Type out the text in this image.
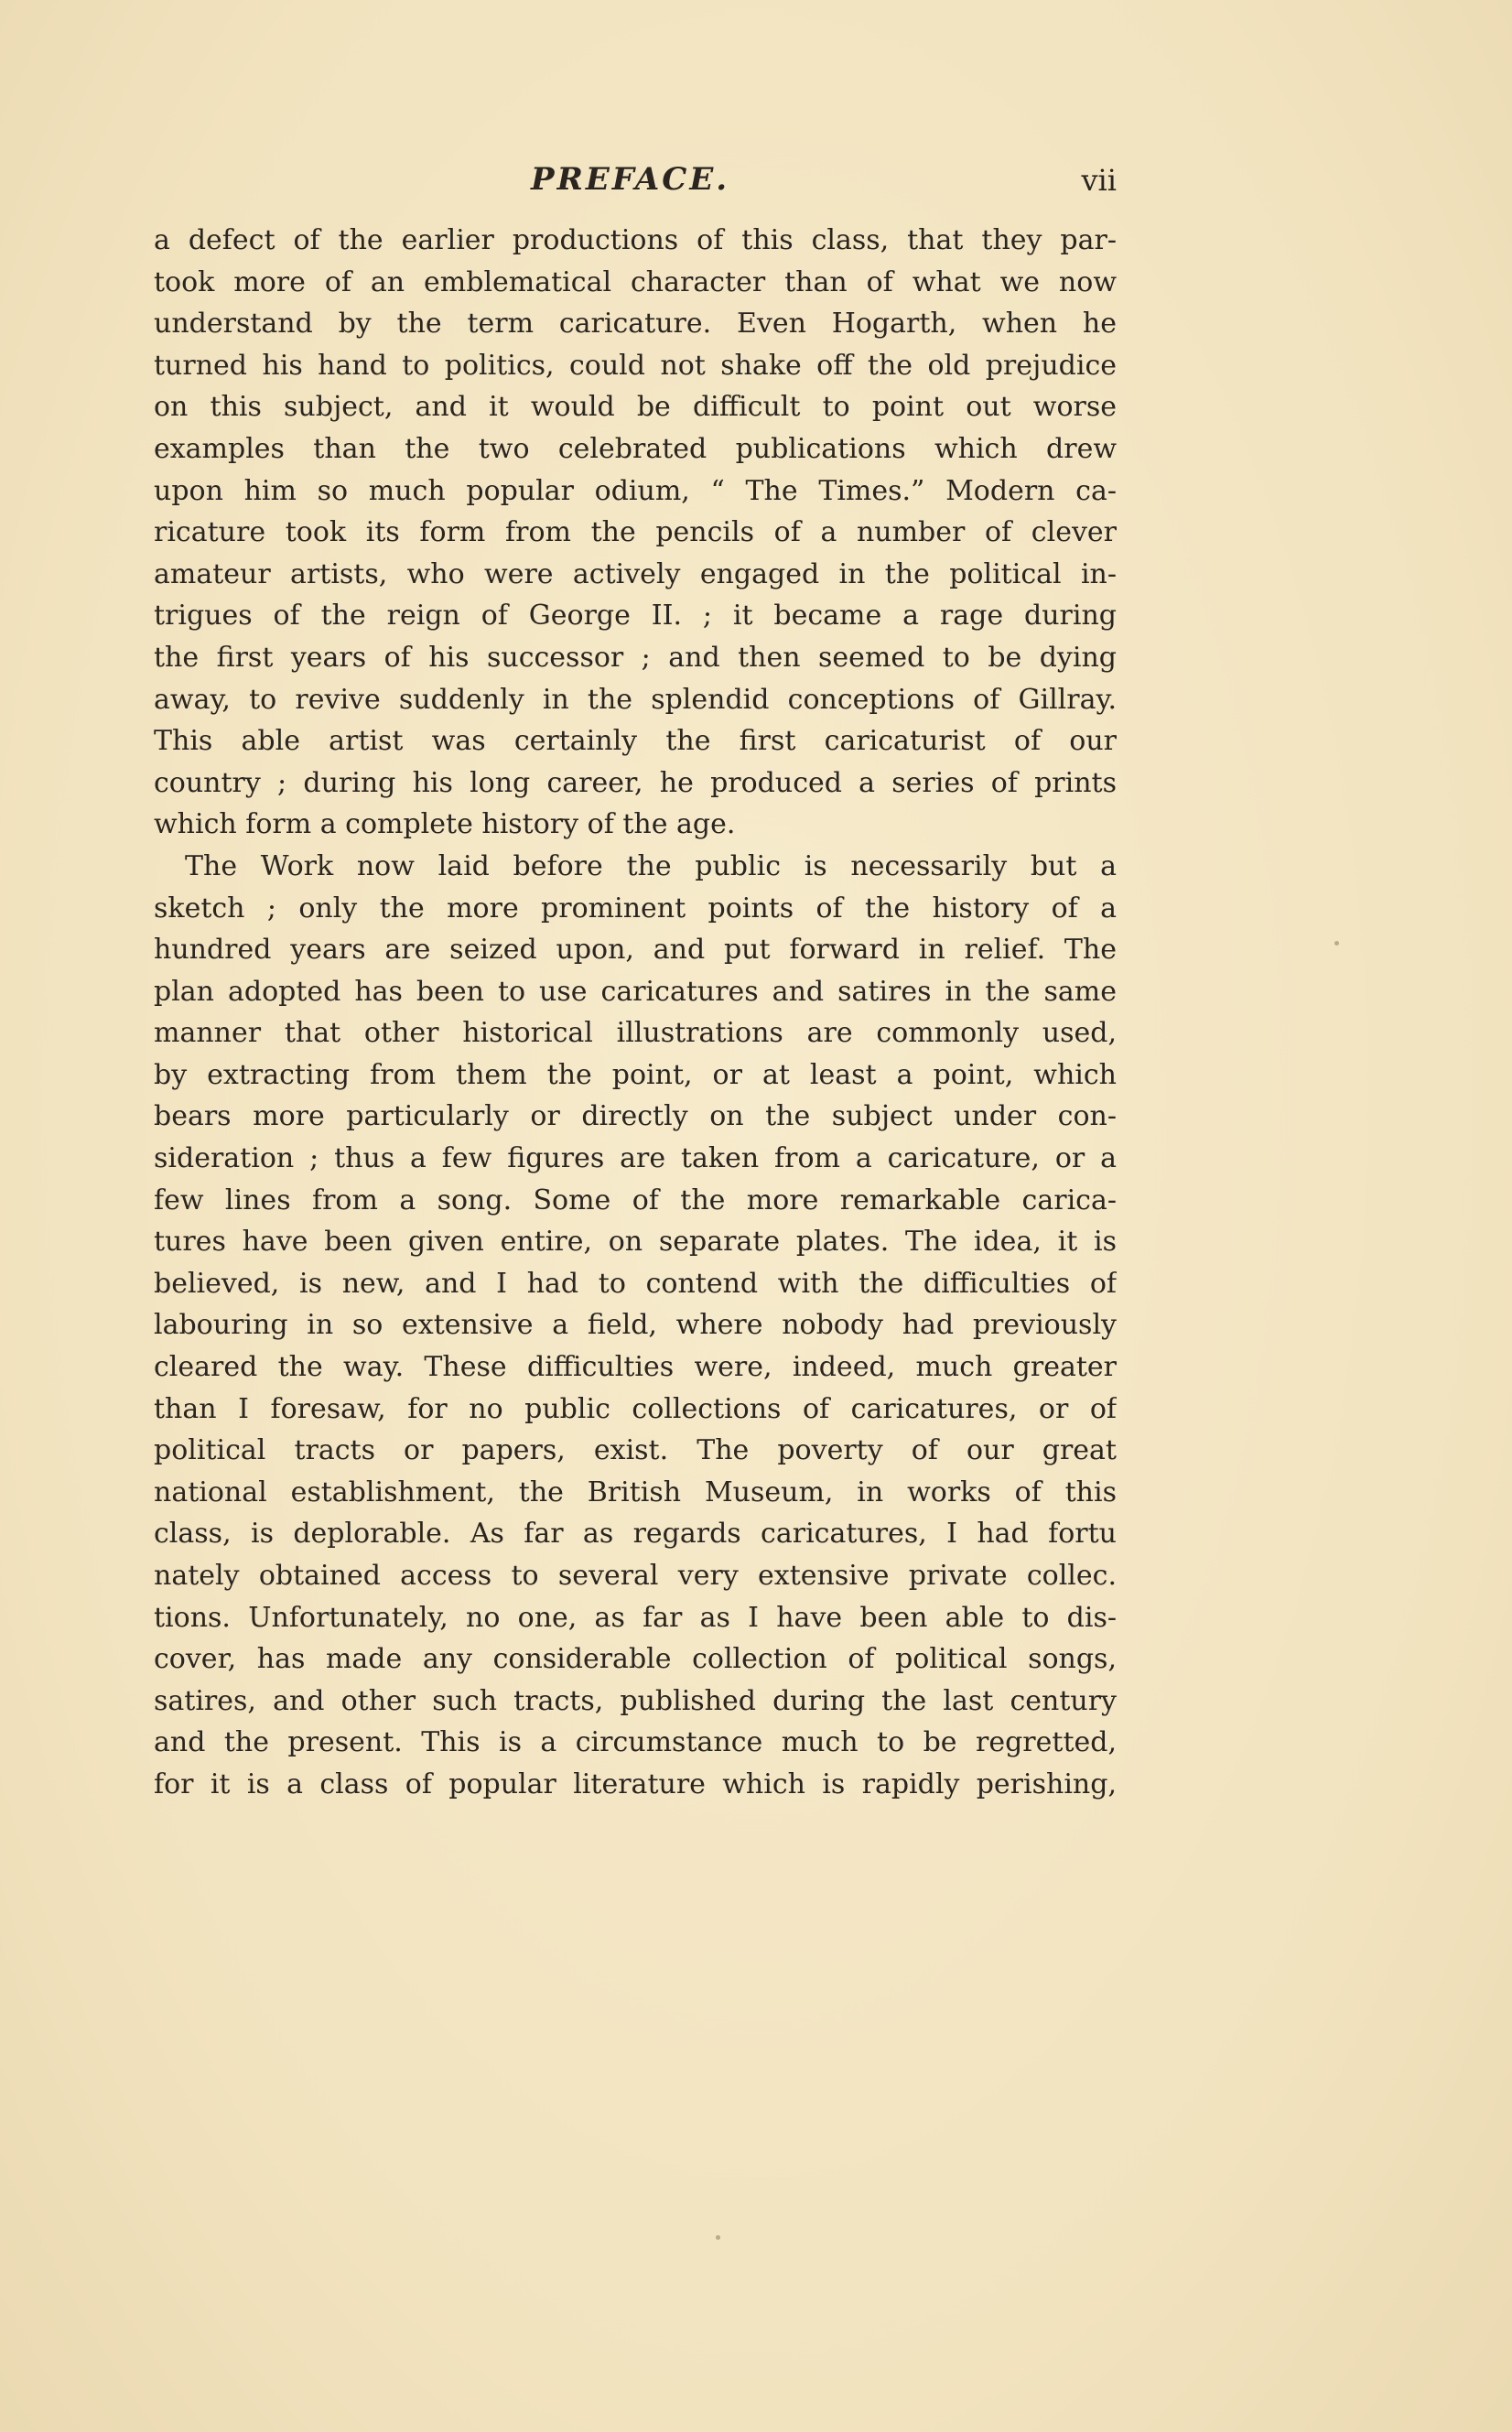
PREFACE.	vii
a defect of the earlier productions of this class, that they par-
took more of an emblematical character than of what we now
understand by the term caricature. Even Hogarth, when he
turned his hand to politics, could not shake off the old prejudice
on this subject, and it would be difficult to point out worse
examples than the two celebrated publications which drew
upon him so much popular odium, “ The Times.” Modern ca-
ricature took its form from the pencils of a number of clever
amateur artists, who were actively engaged in the political in-
trigues of the reign of George II. ; it became a rage during
the first years of his successor ; and then seemed to be dying
away, to revive suddenly in the splendid conceptions of Gillray.
This able artist was certainly the first caricaturist of our
country ; during his long career, he produced a series of prints
which form a complete history of the age.
The Work now laid before the public is necessarily but a
sketch ; only the more prominent points of the history of a
hundred years are seized upon, and put forward in relief. The
plan adopted has been to use caricatures and satires in the same
manner that other historical illustrations are commonly used,
by extracting from them the point, or at least a point, which
bears more particularly or directly on the subject under con-
sideration ; thus a few figures are taken from a caricature, or a
few lines from a song. Some of the more remarkable carica-
tures have been given entire, on separate plates. The idea, it is
believed, is new, and I had to contend with the difficulties of
labouring in so extensive a field, where nobody had previously
cleared the way. These difficulties were, indeed, much greater
than I foresaw, for no public collections of caricatures, or of
political tracts or papers, exist. The poverty of our great
national establishment, the British Museum, in works of this
class, is deplorable. As far as regards caricatures, I had fortu
nately obtained access to several very extensive private collec.
tions. Unfortunately, no one, as far as I have been able to dis-
cover, has made any considerable collection of political songs,
satires, and other such tracts, published during the last century
and the present. This is a circumstance much to be regretted,
for it is a class of popular literature which is rapidly perishing,
